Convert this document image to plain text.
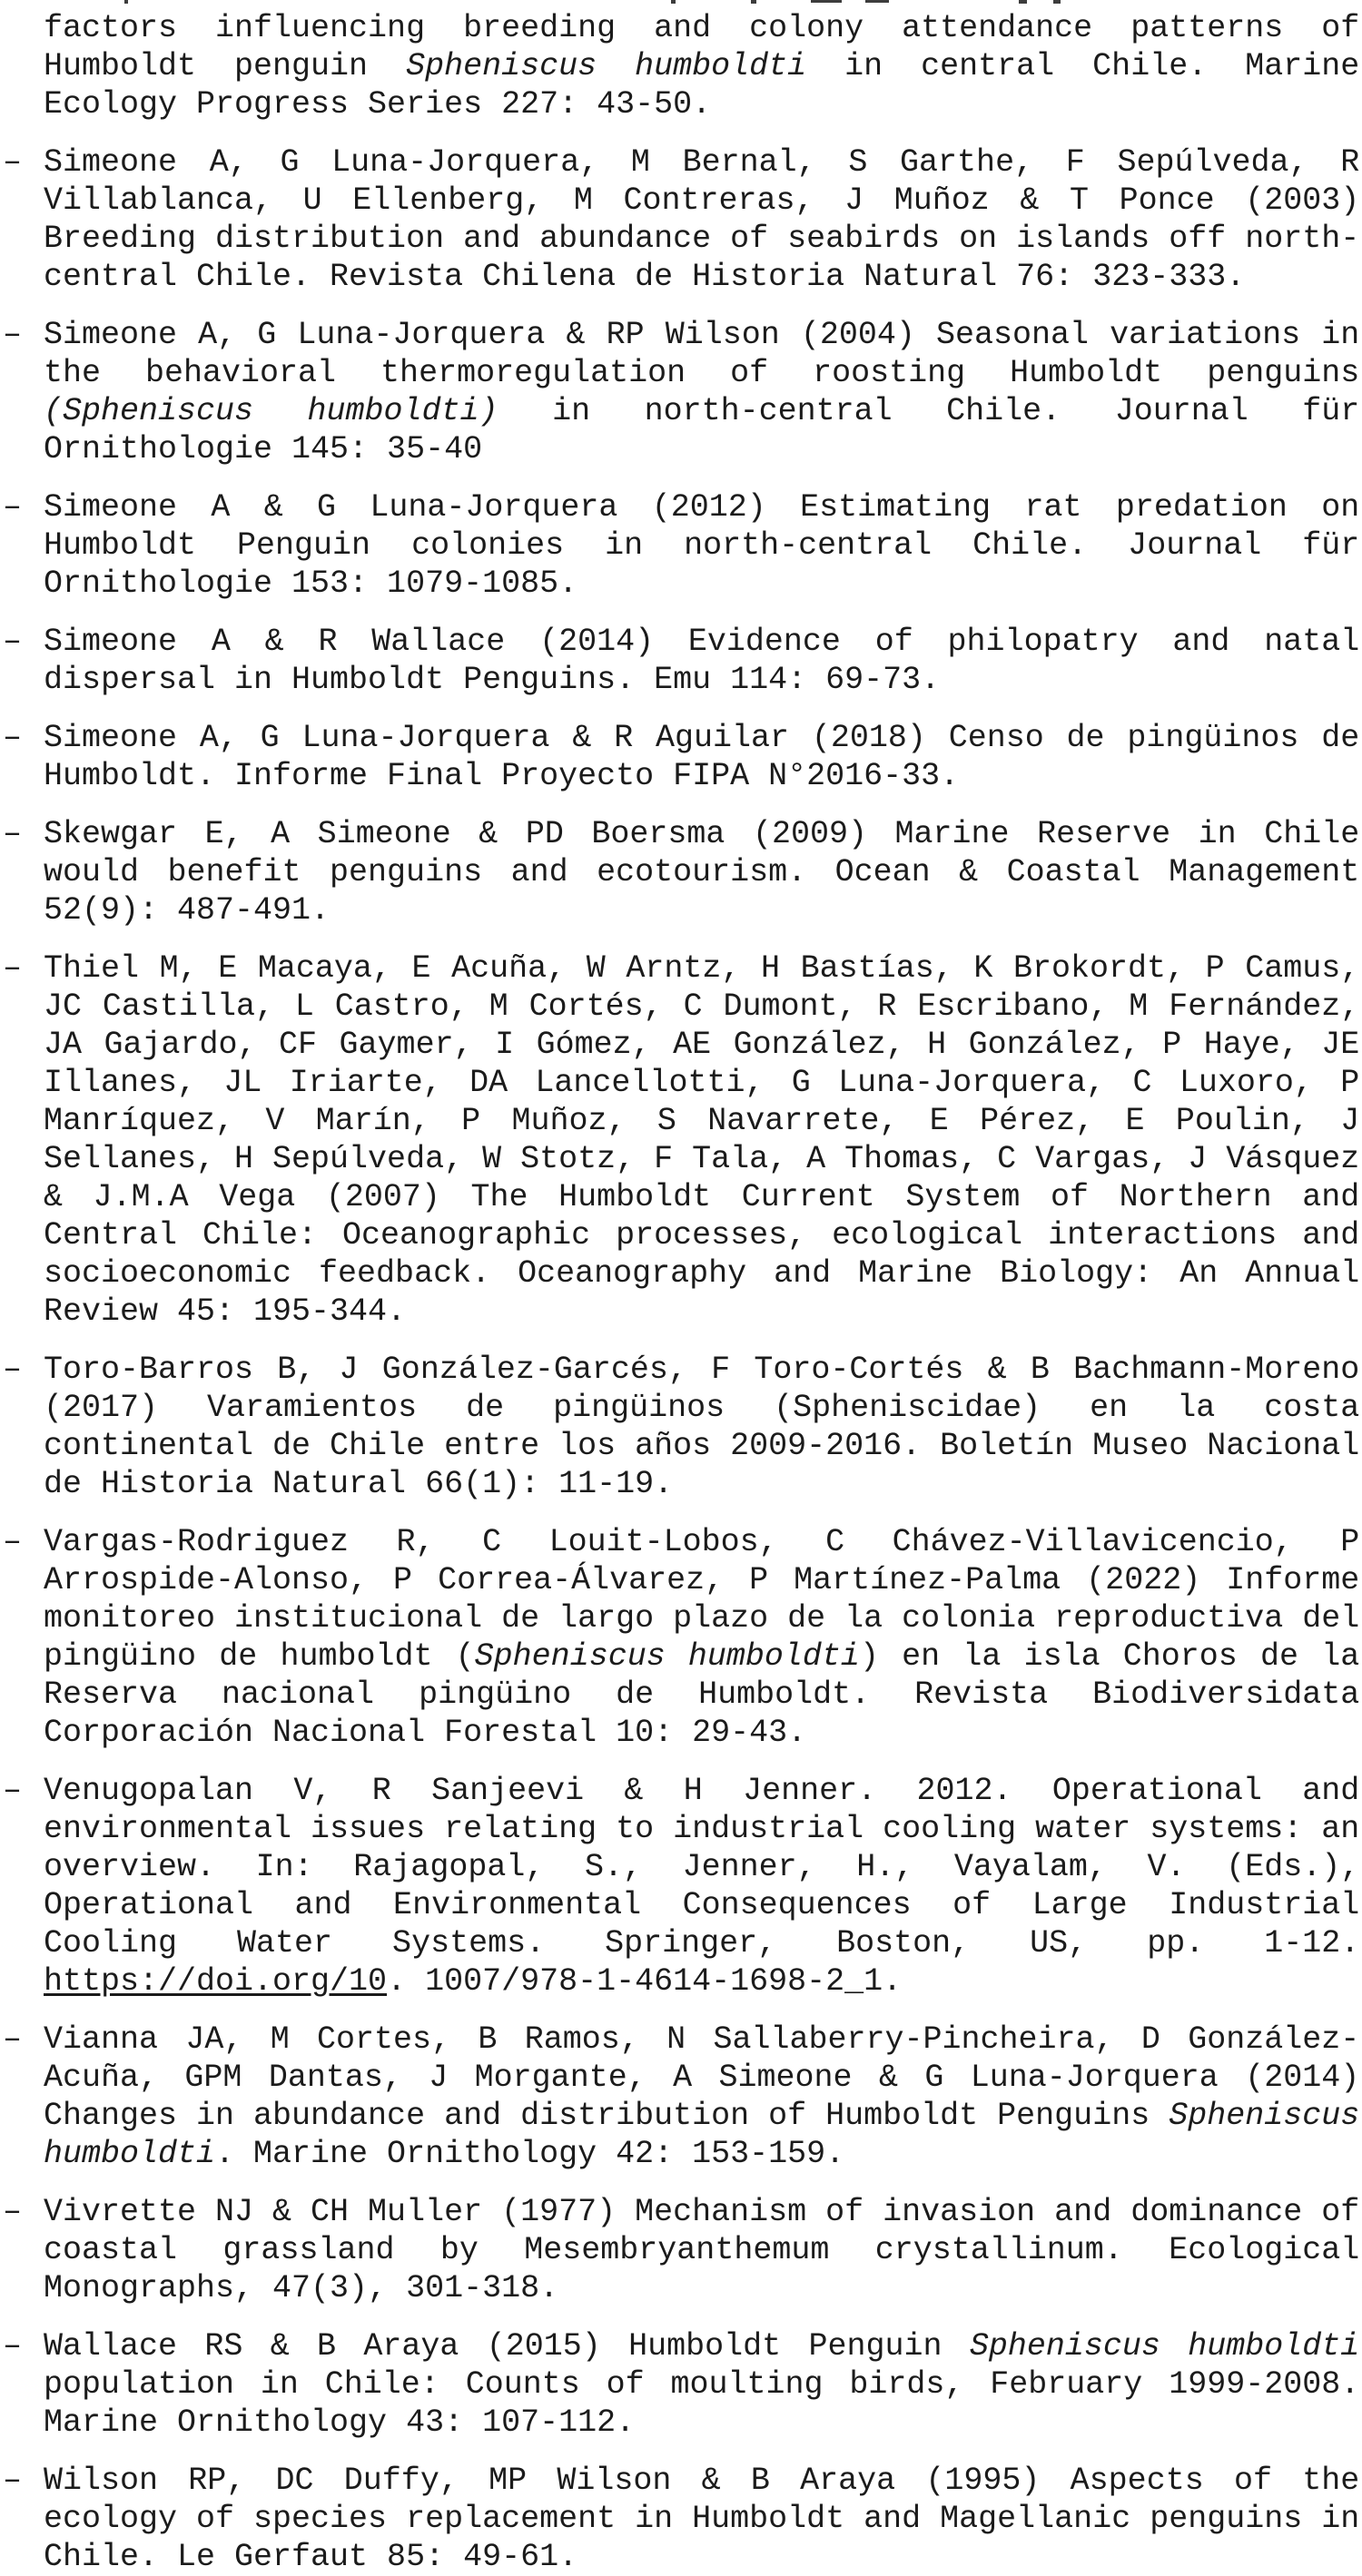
factors influencing breeding and colony attendance patterns of Humboldt penguin Spheniscus humboldti in central Chile. Marine Ecology Progress Series 227: 43-50.
– Simeone A, G Luna-Jorquera, M Bernal, S Garthe, F Sepúlveda, R Villablanca, U Ellenberg, M Contreras, J Muñoz & T Ponce (2003) Breeding distribution and abundance of seabirds on islands off north-central Chile. Revista Chilena de Historia Natural 76: 323-333.
– Simeone A, G Luna-Jorquera & RP Wilson (2004) Seasonal variations in the behavioral thermoregulation of roosting Humboldt penguins (Spheniscus humboldti) in north-central Chile. Journal für Ornithologie 145: 35-40
– Simeone A & G Luna-Jorquera (2012) Estimating rat predation on Humboldt Penguin colonies in north-central Chile. Journal für Ornithologie 153: 1079-1085.
– Simeone A & R Wallace (2014) Evidence of philopatry and natal dispersal in Humboldt Penguins. Emu 114: 69-73.
– Simeone A, G Luna-Jorquera & R Aguilar (2018) Censo de pingüinos de Humboldt. Informe Final Proyecto FIPA N°2016-33.
– Skewgar E, A Simeone & PD Boersma (2009) Marine Reserve in Chile would benefit penguins and ecotourism. Ocean & Coastal Management 52(9): 487-491.
– Thiel M, E Macaya, E Acuña, W Arntz, H Bastías, K Brokordt, P Camus, JC Castilla, L Castro, M Cortés, C Dumont, R Escribano, M Fernández, JA Gajardo, CF Gaymer, I Gómez, AE González, H González, P Haye, JE Illanes, JL Iriarte, DA Lancellotti, G Luna-Jorquera, C Luxoro, P Manríquez, V Marín, P Muñoz, S Navarrete, E Pérez, E Poulin, J Sellanes, H Sepúlveda, W Stotz, F Tala, A Thomas, C Vargas, J Vásquez & J.M.A Vega (2007) The Humboldt Current System of Northern and Central Chile: Oceanographic processes, ecological interactions and socioeconomic feedback. Oceanography and Marine Biology: An Annual Review 45: 195-344.
– Toro-Barros B, J González-Garcés, F Toro-Cortés & B Bachmann-Moreno (2017) Varamientos de pingüinos (Spheniscidae) en la costa continental de Chile entre los años 2009-2016. Boletín Museo Nacional de Historia Natural 66(1): 11-19.
– Vargas-Rodriguez R, C Louit-Lobos, C Chávez-Villavicencio, P Arrospide-Alonso, P Correa-Álvarez, P Martínez-Palma (2022) Informe monitoreo institucional de largo plazo de la colonia reproductiva del pingüino de humboldt (Spheniscus humboldti) en la isla Choros de la Reserva nacional pingüino de Humboldt. Revista Biodiversidata Corporación Nacional Forestal 10: 29-43.
– Venugopalan V, R Sanjeevi & H Jenner. 2012. Operational and environmental issues relating to industrial cooling water systems: an overview. In: Rajagopal, S., Jenner, H., Vayalam, V. (Eds.), Operational and Environmental Consequences of Large Industrial Cooling Water Systems. Springer, Boston, US, pp. 1-12. https://doi.org/10. 1007/978-1-4614-1698-2_1.
– Vianna JA, M Cortes, B Ramos, N Sallaberry-Pincheira, D González-Acuña, GPM Dantas, J Morgante, A Simeone & G Luna-Jorquera (2014) Changes in abundance and distribution of Humboldt Penguins Spheniscus humboldti. Marine Ornithology 42: 153-159.
– Vivrette NJ & CH Muller (1977) Mechanism of invasion and dominance of coastal grassland by Mesembryanthemum crystallinum. Ecological Monographs, 47(3), 301-318.
– Wallace RS & B Araya (2015) Humboldt Penguin Spheniscus humboldti population in Chile: Counts of moulting birds, February 1999-2008. Marine Ornithology 43: 107-112.
– Wilson RP, DC Duffy, MP Wilson & B Araya (1995) Aspects of the ecology of species replacement in Humboldt and Magellanic penguins in Chile. Le Gerfaut 85: 49-61.
